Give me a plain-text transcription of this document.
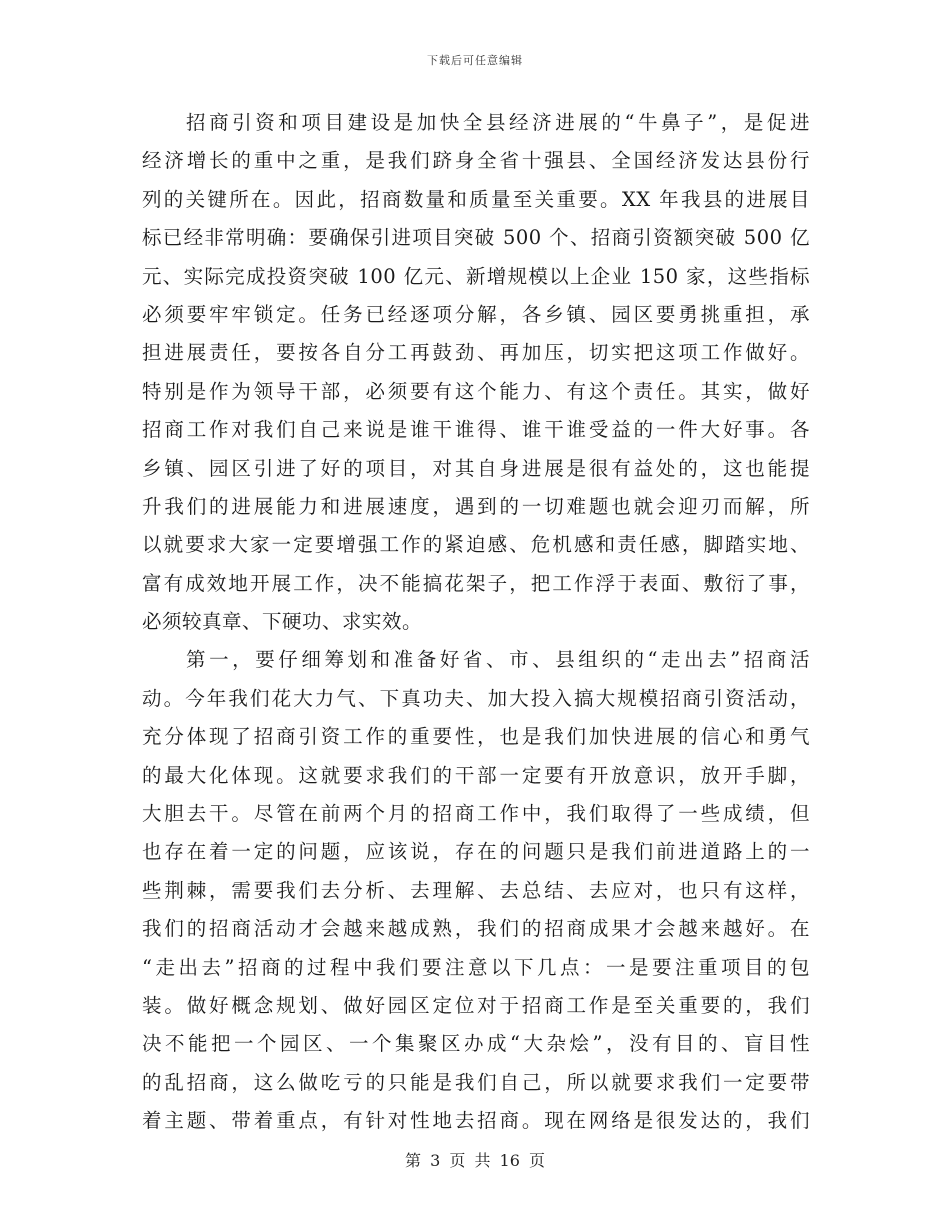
下载后可任意编辑
招商引资和项目建设是加快全县经济进展的“牛鼻子”，是促进
经济增长的重中之重，是我们跻身全省十强县、全国经济发达县份行
列的关键所在。因此，招商数量和质量至关重要。XX 年我县的进展目
标已经非常明确：要确保引进项目突破 500 个、招商引资额突破 500 亿
元、实际完成投资突破 100 亿元、新增规模以上企业 150 家，这些指标
必须要牢牢锁定。任务已经逐项分解，各乡镇、园区要勇挑重担，承
担进展责任，要按各自分工再鼓劲、再加压，切实把这项工作做好。
特别是作为领导干部，必须要有这个能力、有这个责任。其实，做好
招商工作对我们自己来说是谁干谁得、谁干谁受益的一件大好事。各
乡镇、园区引进了好的项目，对其自身进展是很有益处的，这也能提
升我们的进展能力和进展速度，遇到的一切难题也就会迎刃而解，所
以就要求大家一定要增强工作的紧迫感、危机感和责任感，脚踏实地、
富有成效地开展工作，决不能搞花架子，把工作浮于表面、敷衍了事，
必须较真章、下硬功、求实效。
第一，要仔细筹划和准备好省、市、县组织的“走出去”招商活
动。今年我们花大力气、下真功夫、加大投入搞大规模招商引资活动，
充分体现了招商引资工作的重要性，也是我们加快进展的信心和勇气
的最大化体现。这就要求我们的干部一定要有开放意识，放开手脚，
大胆去干。尽管在前两个月的招商工作中，我们取得了一些成绩，但
也存在着一定的问题，应该说，存在的问题只是我们前进道路上的一
些荆棘，需要我们去分析、去理解、去总结、去应对，也只有这样，
我们的招商活动才会越来越成熟，我们的招商成果才会越来越好。在
“走出去”招商的过程中我们要注意以下几点：一是要注重项目的包
装。做好概念规划、做好园区定位对于招商工作是至关重要的，我们
决不能把一个园区、一个集聚区办成“大杂烩”，没有目的、盲目性
的乱招商，这么做吃亏的只能是我们自己，所以就要求我们一定要带
着主题、带着重点，有针对性地去招商。现在网络是很发达的，我们
第 3 页 共 16 页
